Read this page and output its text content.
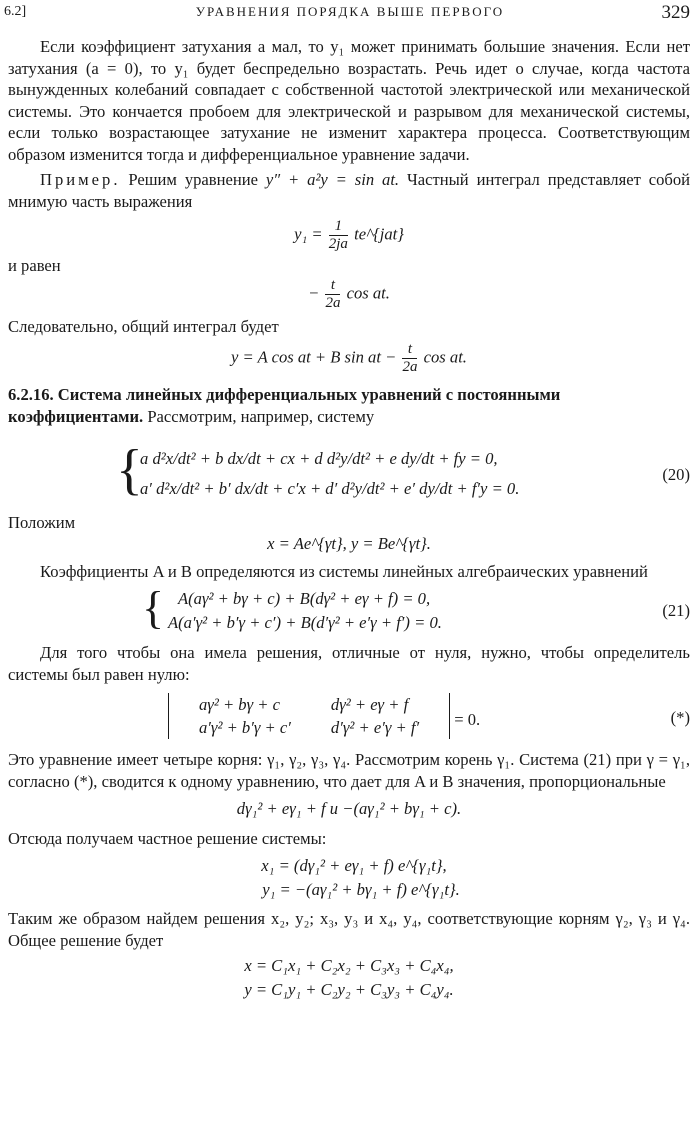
6.2]	УРАВНЕНИЯ ПОРЯДКА ВЫШЕ ПЕРВОГО	329

Если коэффициент затухания a мал, то y₁ может принимать большие значения. Если нет затухания (a = 0), то y₁ будет беспредельно возрастать. Речь идет о случае, когда частота вынужденных колебаний совпадает с собственной частотой электрической или механической системы. Это кончается пробоем для электрической и разрывом для механической системы, если только возрастающее затухание не изменит характера процесса. Соответствующим образом изменится тогда и дифференциальное уравнение задачи.

Пример. Решим уравнение y″ + a²y = sin at. Частный интеграл представляет собой мнимую часть выражения

$y_1 = \frac{1}{2ja}$ te^{jat}

и равен

− $\frac{t}{2a}$ cos at.

Следовательно, общий интеграл будет

y = A cos at + B sin at − $\frac{t}{2a}$ cos at.

6.2.16. Система линейных дифференциальных уравнений с постоянными коэффициентами. Рассмотрим, например, систему

{
a d²x/dt² + b dx/dt + cx + d d²y/dt² + e dy/dt + fy = 0,
a′ d²x/dt² + b′ dx/dt + c′x + d′ d²y/dt² + e′ dy/dt + f′y = 0.
(20)

Положим

x = Ae^{γt}, y = Be^{γt}.

Коэффициенты A и B определяются из системы линейных алгебраических уравнений

{ A(aγ² + bγ + c) + B(dγ² + eγ + f) = 0,
A(a′γ² + b′γ + c′) + B(d′γ² + e′γ + f′) = 0.
(21)

Для того чтобы она имела решения, отличные от нуля, нужно, чтобы определитель системы был равен нулю:

aγ² + bγ + c	dγ² + eγ + f
a′γ² + b′γ + c′	d′γ² + e′γ + f′ = 0.	(*)

Это уравнение имеет четыре корня: γ₁, γ₂, γ₃, γ₄. Рассмотрим корень γ₁. Система (21) при γ = γ₁, согласно (*), сводится к одному уравнению, что дает для A и B значения, пропорциональные

dγ₁² + eγ₁ + f и −(aγ₁² + bγ₁ + c).

Отсюда получаем частное решение системы:

x₁ = (dγ₁² + eγ₁ + f) e^{γ₁t},
y₁ = −(aγ₁² + bγ₁ + f) e^{γ₁t}.

Таким же образом найдем решения x₂, y₂; x₃, y₃ и x₄, y₄, соответствующие корням γ₂, γ₃ и γ₄. Общее решение будет

x = C₁x₁ + C₂x₂ + C₃x₃ + C₄x₄,
y = C₁y₁ + C₂y₂ + C₃y₃ + C₄y₄.
